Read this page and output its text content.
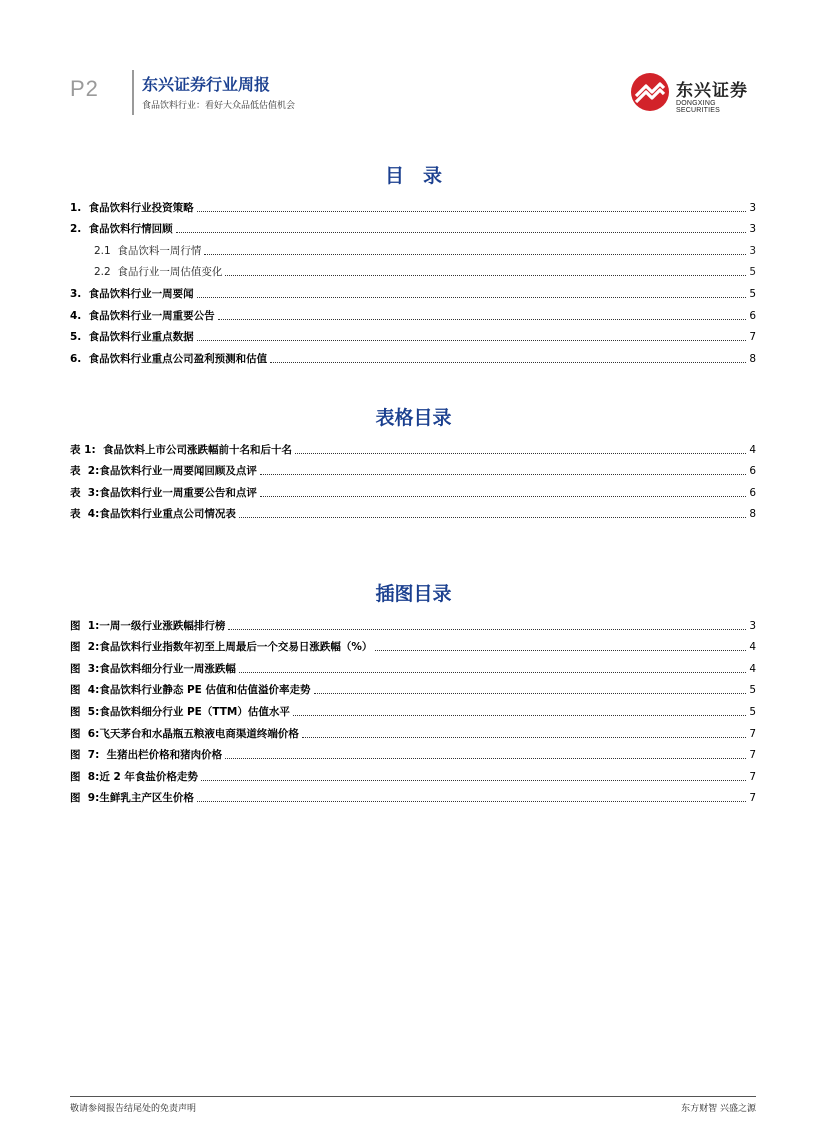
P2	东兴证券行业周报
食品饮料行业：看好大众品低估值机会
东兴证券
DONGXING SECURITIES
目　录
1.  食品饮料行业投资策略	3
2.  食品饮料行情回顾	3
2.1  食品饮料一周行情	3
2.2  食品行业一周估值变化	5
3.  食品饮料行业一周要闻	5
4.  食品饮料行业一周重要公告	6
5.  食品饮料行业重点数据	7
6.  食品饮料行业重点公司盈利预测和估值	8
表格目录
表 1:  食品饮料上市公司涨跌幅前十名和后十名	4
表  2:食品饮料行业一周要闻回顾及点评	6
表  3:食品饮料行业一周重要公告和点评	6
表  4:食品饮料行业重点公司情况表	8
插图目录
图  1:一周一级行业涨跌幅排行榜	3
图  2:食品饮料行业指数年初至上周最后一个交易日涨跌幅（%）	4
图  3:食品饮料细分行业一周涨跌幅	4
图  4:食品饮料行业静态 PE 估值和估值溢价率走势	5
图  5:食品饮料细分行业 PE（TTM）估值水平	5
图  6:飞天茅台和水晶瓶五粮液电商渠道终端价格	7
图  7:  生猪出栏价格和猪肉价格	7
图  8:近 2 年食盐价格走势	7
图  9:生鲜乳主产区生价格	7
敬请参阅报告结尾处的免责声明	东方财智 兴盛之源
